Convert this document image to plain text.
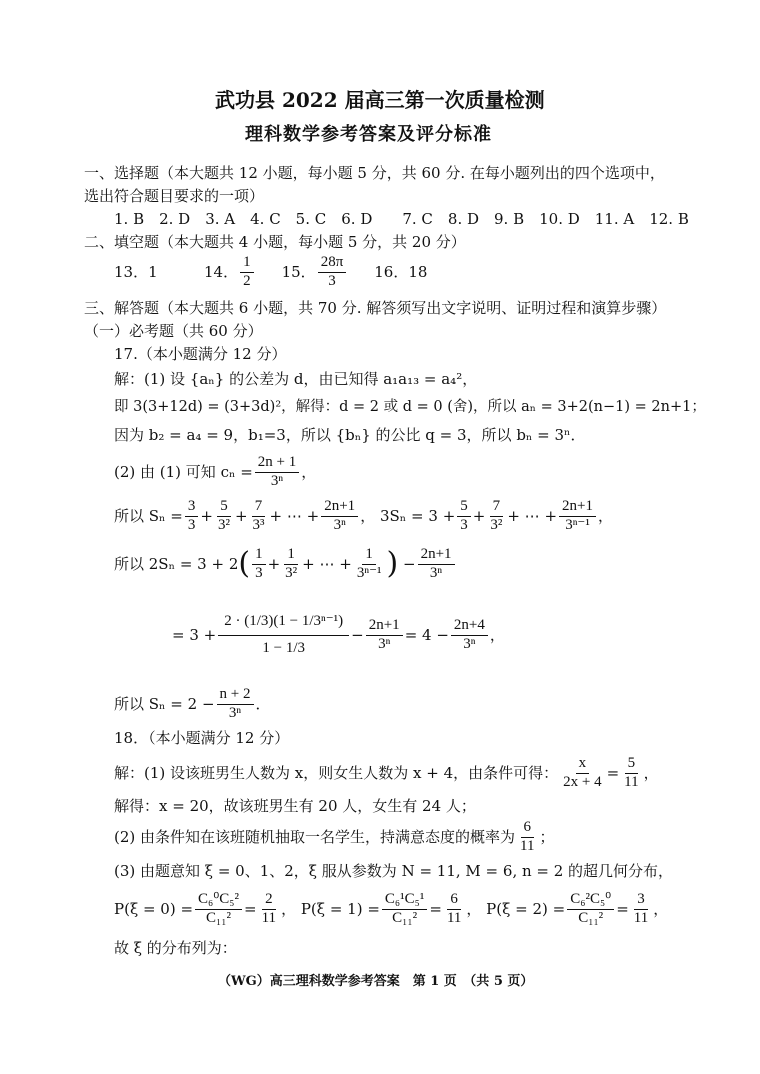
武功县 2022 届高三第一次质量检测
理科数学参考答案及评分标准
一、选择题（本大题共 12 小题，每小题 5 分，共 60 分. 在每小题列出的四个选项中，
选出符合题目要求的一项）
1. B　2. D　3. A　4. C　5. C　6. D　　7. C　8. D　9. B　10. D　11. A　12. B
二、填空题（本大题共 4 小题，每小题 5 分，共 20 分）
13．1	14． $\frac{1}{2} 15$． $\frac{28\pi}{3} 16$．18
三、解答题（本大题共 6 小题，共 70 分. 解答须写出文字说明、证明过程和演算步骤）
（一）必考题（共 60 分）
17.（本小题满分 12 分）
解：(1) 设 {aₙ} 的公差为 d，由已知得 a₁a₁₃ = a₄²，
即 3(3+12d) = (3+3d)²，解得：d = 2 或 d = 0 (舍)，所以 aₙ = 3+2(n−1) = 2n+1；
因为 b₂ = a₄ = 9，b₁=3，所以 {bₙ} 的公比 q = 3，所以 bₙ = 3ⁿ．
(2) 由 (1) 可知 $c_n = \frac{2n + 1}{\text{3ⁿ}}$ ，
所以 $S_n = \frac{3}{3} + \frac{5}{\text{3²}} + \frac{7}{\text{3³}}$ + ⋯ + $\frac{2n+1}{\text{3ⁿ}}$ ， $3S_n = 3 + \frac{5}{3} + \frac{7}{\text{3²}}$ + ⋯ + $\frac{2n+1}{\text{3ⁿ⁻¹}}$ ，
所以 2Sₙ = 3 + 2 ( $\frac{1}{3} + \frac{1}{\text{3²}}$ + ⋯ + $\frac{1}{\text{3ⁿ⁻¹}}$ ) − $\frac{2n+1}{\text{3ⁿ}}$
= $3 + \frac{\text{2 · (1/3)(1 − 1/3ⁿ⁻¹)}}{1 - 1/3} - \frac{2n+1}{\text{3ⁿ}} = 4 - \frac{2n+4}{\text{3ⁿ}}$ ，
所以 $S_n = 2 - \frac{n + 2}{\text{3ⁿ}}$ ．
18．（本小题满分 12 分）
解：(1) 设该班男生人数为 x，则女生人数为 x + 4，由条件可得： $\frac{x}{2x + 4} = \frac{5}{11}$ ，
解得：x = 20，故该班男生有 20 人，女生有 24 人；
(2) 由条件知在该班随机抽取一名学生，持满意态度的概率为 $\frac{6}{11}$ ；
(3) 由题意知 ξ = 0、1、2，ξ 服从参数为 N = 11, M = 6, n = 2 的超几何分布，
$P(\xi = 0) = \frac{\text{C₆⁰C₅²}}{\text{C₁₁²}} = \frac{2}{11}$ ， $P(\xi = 1) = \frac{\text{C₆¹C₅¹}}{\text{C₁₁²}} = \frac{6}{11}$ ， $P(\xi = 2) = \frac{\text{C₆²C₅⁰}}{\text{C₁₁²}} = \frac{3}{11}$ ，
故 ξ 的分布列为：
（WG）高三理科数学参考答案　第 1 页　（共 5 页）
